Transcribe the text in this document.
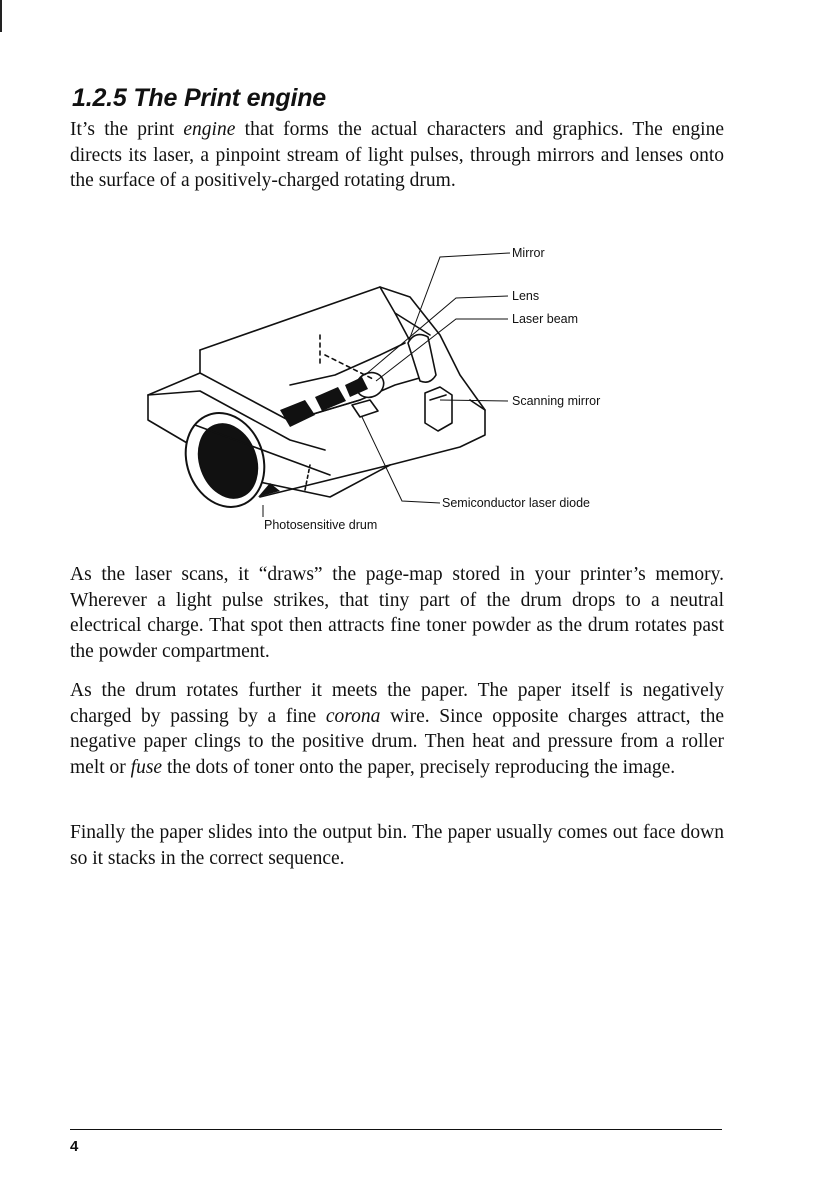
1.2.5 The Print engine

It’s the print engine that forms the actual characters and graphics. The engine directs its laser, a pinpoint stream of light pulses, through mirrors and lenses onto the surface of a positively-charged rotating drum.

Mirror
Lens
Laser beam
Scanning mirror
Semiconductor laser diode
Photosensitive drum

As the laser scans, it “draws” the page-map stored in your printer’s memory. Wherever a light pulse strikes, that tiny part of the drum drops to a neutral electrical charge. That spot then attracts fine toner powder as the drum rotates past the powder compartment.

As the drum rotates further it meets the paper. The paper itself is negatively charged by passing by a fine corona wire. Since opposite charges attract, the negative paper clings to the positive drum. Then heat and pressure from a roller melt or fuse the dots of toner onto the paper, precisely reproducing the image.

Finally the paper slides into the output bin. The paper usually comes out face down so it stacks in the correct sequence.

4
